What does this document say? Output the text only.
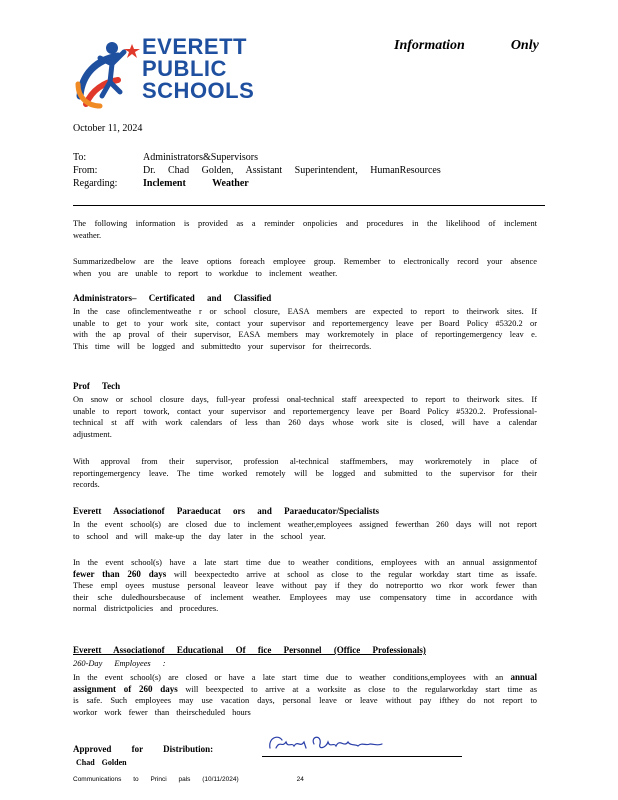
EVERETT
PUBLIC
SCHOOLS
Information	Only
October 11, 2024
To:	Administrators&Supervisors
From:	Dr. Chad Golden, Assistant Superintendent, HumanResources
Regarding:	Inclement Weather
The following information is provided as a reminder onpolicies and procedures in the likelihood of inclement weather.
Summarizedbelow are the leave options foreach employee group. Remember to electronically record your absence when you are unable to report to workdue to inclement weather.
Administrators– Certificated and Classified
In the case ofinclementweathe r or school closure, EASA members are expected to report to theirwork sites. If unable to get to your work site, contact your supervisor and reportemergency leave per Board Policy #5320.2 or with the ap proval of their supervisor, EASA members may workremotely in place of reportingemergency leav e. This time will be logged and submittedto your supervisor for theirrecords.
Prof Tech
On snow or school closure days, full-year professi onal-technical staff areexpected to report to theirwork sites. If unable to report towork, contact your supervisor and reportemergency leave per Board Policy #5320.2. Professional-technical st aff with work calendars of less than 260 days whose work site is closed, will have a calendar adjustment.
With approval from their supervisor, profession al-technical staffmembers, may workremotely in place of reportingemergency leave. The time worked remotely will be logged and submitted to the supervisor for their records.
Everett Associationof Paraeducat ors and Paraeducator/Specialists
In the event school(s) are closed due to inclement weather,employees assigned fewerthan 260 days will not report to school and will make-up the day later in the school year.
In the event school(s) have a late start time due to weather conditions, employees with an annual assignmentof fewer than 260 days will beexpectedto arrive at school as close to the regular workday start time as issafe. These empl oyees mustuse personal leaveor leave without pay if they do notreportto wo rkor work fewer than their sche duledhoursbecause of inclement weather. Employees may use compensatory time in accordance with normal districtpolicies and procedures.
Everett Associationof Educational Of fice Personnel (Office Professionals)
260-Day Employees :
In the event school(s) are closed or have a late start time due to weather conditions,employees with an annual assignment of 260 days will beexpected to arrive at a worksite as close to the regularworkday start time as is safe. Such employees may use vacation days, personal leave or leave without pay ifthey do not report to workor work fewer than theirscheduled hours
Approved for Distribution:
Chad Golden
Communications to Princi pals (10/11/2024)	24
